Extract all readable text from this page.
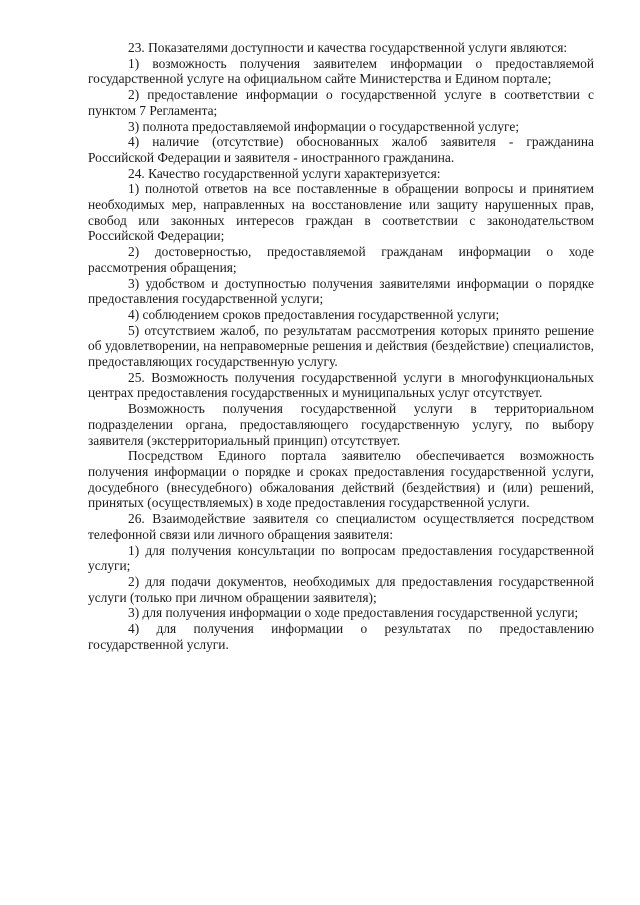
23. Показателями доступности и качества государственной услуги являются:

1) возможность получения заявителем информации о предоставляемой государственной услуге на официальном сайте Министерства и Едином портале;

2) предоставление информации о государственной услуге в соответствии с пунктом 7 Регламента;

3) полнота предоставляемой информации о государственной услуге;

4) наличие (отсутствие) обоснованных жалоб заявителя - гражданина Российской Федерации и заявителя - иностранного гражданина.

24. Качество государственной услуги характеризуется:

1) полнотой ответов на все поставленные в обращении вопросы и принятием необходимых мер, направленных на восстановление или защиту нарушенных прав, свобод или законных интересов граждан в соответствии с законодательством Российской Федерации;

2) достоверностью, предоставляемой гражданам информации о ходе рассмотрения обращения;

3) удобством и доступностью получения заявителями информации о порядке предоставления государственной услуги;

4) соблюдением сроков предоставления государственной услуги;

5) отсутствием жалоб, по результатам рассмотрения которых принято решение об удовлетворении, на неправомерные решения и действия (бездействие) специалистов, предоставляющих государственную услугу.

25. Возможность получения государственной услуги в многофункциональных центрах предоставления государственных и муниципальных услуг отсутствует.

Возможность получения государственной услуги в территориальном подразделении органа, предоставляющего государственную услугу, по выбору заявителя (экстерриториальный принцип) отсутствует.

Посредством Единого портала заявителю обеспечивается возможность получения информации о порядке и сроках предоставления государственной услуги, досудебного (внесудебного) обжалования действий (бездействия) и (или) решений, принятых (осуществляемых) в ходе предоставления государственной услуги.

26. Взаимодействие заявителя со специалистом осуществляется посредством телефонной связи или личного обращения заявителя:

1) для получения консультации по вопросам предоставления государственной услуги;

2) для подачи документов, необходимых для предоставления государственной услуги (только при личном обращении заявителя);

3) для получения информации о ходе предоставления государственной услуги;

4) для получения информации о результатах по предоставлению государственной услуги.
